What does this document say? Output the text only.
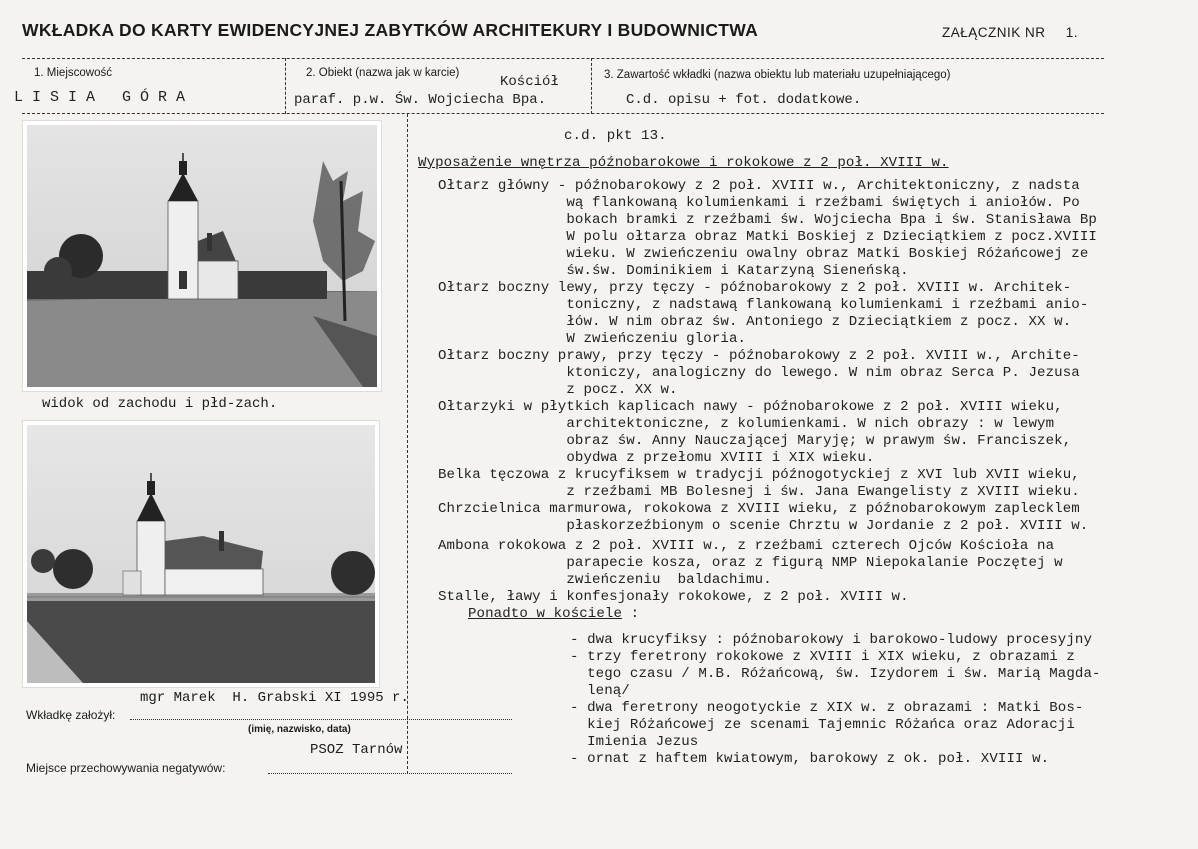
WKŁADKA DO KARTY EWIDENCYJNEJ ZABYTKÓW ARCHITEKURY I BUDOWNICTWA	ZAŁĄCZNIK NR 1.
1. Miejscowość
L I S I A   G Ó R A
2. Obiekt (nazwa jak w karcie)
Kościół
paraf. p.w. Św. Wojciecha Bpa.
3. Zawartość wkładki (nazwa obiektu lub materiału uzupełniającego)
C.d. opisu + fot. dodatkowe.
widok od zachodu i płd-zach.
c.d. pkt 13.
Wyposażenie wnętrza późnobarokowe i rokokowe z 2 poł. XVIII w.
Ołtarz główny - późnobarokowy z 2 poł. XVIII w., Architektoniczny, z nadsta
wą flankowaną kolumienkami i rzeźbami świętych i aniołów. Po
bokach bramki z rzeźbami św. Wojciecha Bpa i św. Stanisława Bp
W polu ołtarza obraz Matki Boskiej z Dzieciątkiem z pocz.XVIII
wieku. W zwieńczeniu owalny obraz Matki Boskiej Różańcowej ze
św.św. Dominikiem i Katarzyną Sieneńską.
Ołtarz boczny lewy, przy tęczy - późnobarokowy z 2 poł. XVIII w. Architek-
toniczny, z nadstawą flankowaną kolumienkami i rzeźbami anio-
łów. W nim obraz św. Antoniego z Dzieciątkiem z pocz. XX w.
W zwieńczeniu gloria.
Ołtarz boczny prawy, przy tęczy - późnobarokowy z 2 poł. XVIII w., Archite-
ktoniczy, analogiczny do lewego. W nim obraz Serca P. Jezusa
z pocz. XX w.
Ołtarzyki w płytkich kaplicach nawy - późnobarokowe z 2 poł. XVIII wieku,
architektoniczne, z kolumienkami. W nich obrazy : w lewym
obraz św. Anny Nauczającej Maryję; w prawym św. Franciszek,
obydwa z przełomu XVIII i XIX wieku.
Belka tęczowa z krucyfiksem w tradycji późnogotyckiej z XVI lub XVII wieku,
z rzeźbami MB Bolesnej i św. Jana Ewangelisty z XVIII wieku.
Chrzcielnica marmurowa, rokokowa z XVIII wieku, z późnobarokowym zaplecklem
płaskorzeźbionym o scenie Chrztu w Jordanie z 2 poł. XVIII w.
Ambona rokokowa z 2 poł. XVIII w., z rzeźbami czterech Ojców Kościoła na
parapecie kosza, oraz z figurą NMP Niepokalanie Poczętej w
zwieńczeniu  baldachimu.
Stalle, ławy i konfesjonały rokokowe, z 2 poł. XVIII w.
Ponadto w kościele :
- dwa krucyfiksy : późnobarokowy i barokowo-ludowy procesyjny
- trzy feretrony rokokowe z XVIII i XIX wieku, z obrazami z
tego czasu / M.B. Różańcową, św. Izydorem i św. Marią Magda-
leną/
- dwa feretrony neogotyckie z XIX w. z obrazami : Matki Bos-
kiej Różańcowej ze scenami Tajemnic Różańca oraz Adoracji
Imienia Jezus
- ornat z haftem kwiatowym, barokowy z ok. poł. XVIII w.
mgr Marek  H. Grabski XI 1995 r.
Wkładkę założył:
(imię, nazwisko, data)
PSOZ Tarnów
Miejsce przechowywania negatywów:
